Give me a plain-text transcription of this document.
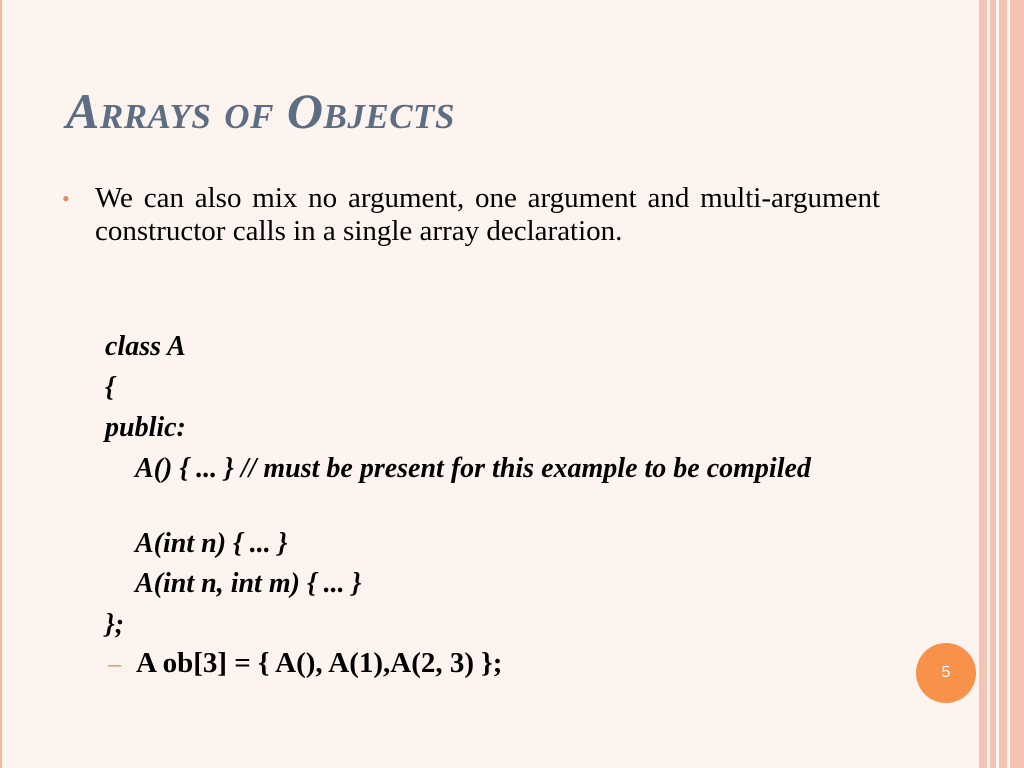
Arrays of Objects
• We can also mix no argument, one argument and multi-argument constructor calls in a single array declaration.
class A
{
public:
A() { ... } // must be present for this example to be compiled
A(int n) { ... }
A(int n, int m) { ... }
};
– A ob[3] = { A(), A(1),A(2, 3) };	5
